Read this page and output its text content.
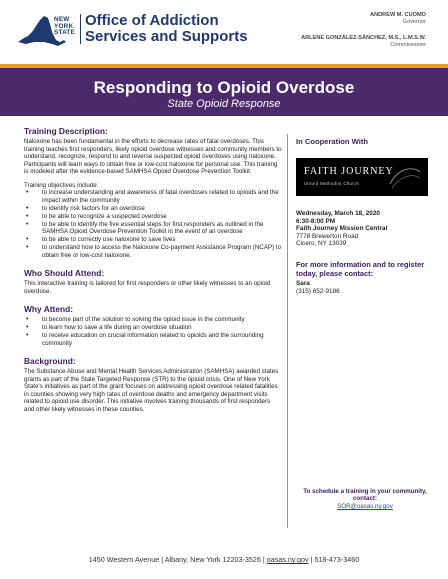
NEW
YORK
STATE
Office of Addiction
Services and Supports
ANDREW M. CUOMO
Governor
ARLENE GONZÁLEZ-SÁNCHEZ, M.S., L.M.S.W.
Commissioner
Responding to Opioid Overdose
State Opioid Response
Training Description:
Naloxone has been fundamental in the efforts to decrease rates of fatal overdoses. This training teaches first responders, likely opioid overdose witnesses and community members to understand, recognize, respond to and reverse suspected opioid overdoses using naloxone. Participants will learn ways to obtain free or low-cost naloxone for personal use. This training is modeled after the evidence-based SAMHSA Opioid Overdose Prevention Toolkit.
Training objectives include:
• to increase understanding and awareness of fatal overdoses related to opioids and the impact within the community
• to identify risk factors for an overdose
• to be able to recognize a suspected overdose
• to be able to identify the five essential steps for first responders as outlined in the SAMHSA Opioid Overdose Prevention Toolkit in the event of an overdose
• to be able to correctly use naloxone to save lives
• to understand how to access the Naloxone Co-payment Assistance Program (NCAP) to obtain free or low-cost naloxone.
Who Should Attend:
This interactive training is tailored for first responders or other likely witnesses to an opioid overdose.
Why Attend:
• to become part of the solution to solving the opioid issue in the community
• to learn how to save a life during an overdose situation
• to receive education on crucial information related to opioids and the surrounding community
Background:
The Substance Abuse and Mental Health Services Administration (SAMHSA) awarded states grants as part of the State Targeted Response (STR) to the opioid crisis. One of New York State's initiatives as part of the grant focuses on addressing opioid overdose related fatalities in counties showing very high rates of overdose deaths and emergency department visits related to opioid use disorder. This initiative involves training thousands of first responders and other likely witnesses in these counties.
In Cooperation With
FAITH JOURNEY
United Methodist Church
Wednesday, March 18, 2020
6:30-8:00 PM
Faith Journey Mission Central
7778 Brewerton Road
Cicero, NY 13039
For more information and to register today, please contact:
Sara
(315) 652-9186
To schedule a training in your community, contact:
SOR@oasas.ny.gov
1450 Western Avenue | Albany, New York 12203-3526 | oasas.ny.gov | 518-473-3460
